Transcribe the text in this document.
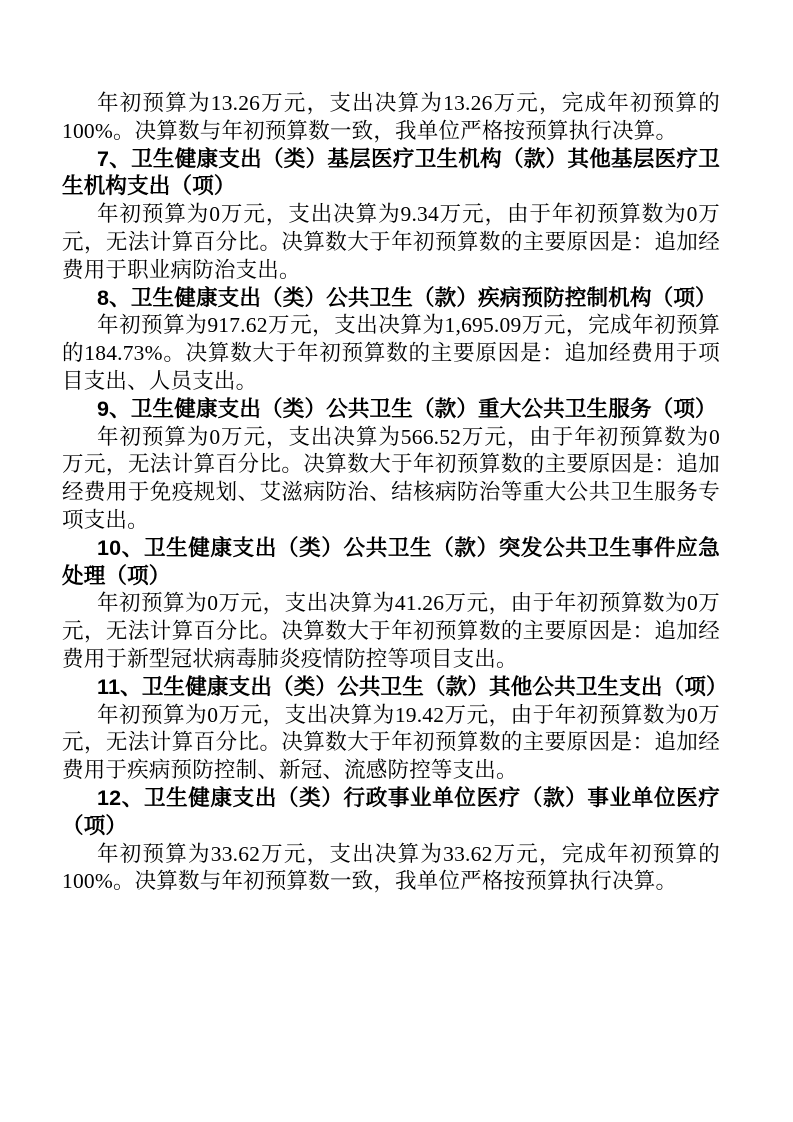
年初预算为13.26万元，支出决算为13.26万元，完成年初预算的100%。决算数与年初预算数一致，我单位严格按预算执行决算。

7、卫生健康支出（类）基层医疗卫生机构（款）其他基层医疗卫生机构支出（项）

年初预算为0万元，支出决算为9.34万元，由于年初预算数为0万元，无法计算百分比。决算数大于年初预算数的主要原因是：追加经费用于职业病防治支出。

8、卫生健康支出（类）公共卫生（款）疾病预防控制机构（项）

年初预算为917.62万元，支出决算为1,695.09万元，完成年初预算的184.73%。决算数大于年初预算数的主要原因是：追加经费用于项目支出、人员支出。

9、卫生健康支出（类）公共卫生（款）重大公共卫生服务（项）

年初预算为0万元，支出决算为566.52万元，由于年初预算数为0万元，无法计算百分比。决算数大于年初预算数的主要原因是：追加经费用于免疫规划、艾滋病防治、结核病防治等重大公共卫生服务专项支出。

10、卫生健康支出（类）公共卫生（款）突发公共卫生事件应急处理（项）

年初预算为0万元，支出决算为41.26万元，由于年初预算数为0万元，无法计算百分比。决算数大于年初预算数的主要原因是：追加经费用于新型冠状病毒肺炎疫情防控等项目支出。

11、卫生健康支出（类）公共卫生（款）其他公共卫生支出（项）

年初预算为0万元，支出决算为19.42万元，由于年初预算数为0万元，无法计算百分比。决算数大于年初预算数的主要原因是：追加经费用于疾病预防控制、新冠、流感防控等支出。

12、卫生健康支出（类）行政事业单位医疗（款）事业单位医疗（项）

年初预算为33.62万元，支出决算为33.62万元，完成年初预算的100%。决算数与年初预算数一致，我单位严格按预算执行决算。
